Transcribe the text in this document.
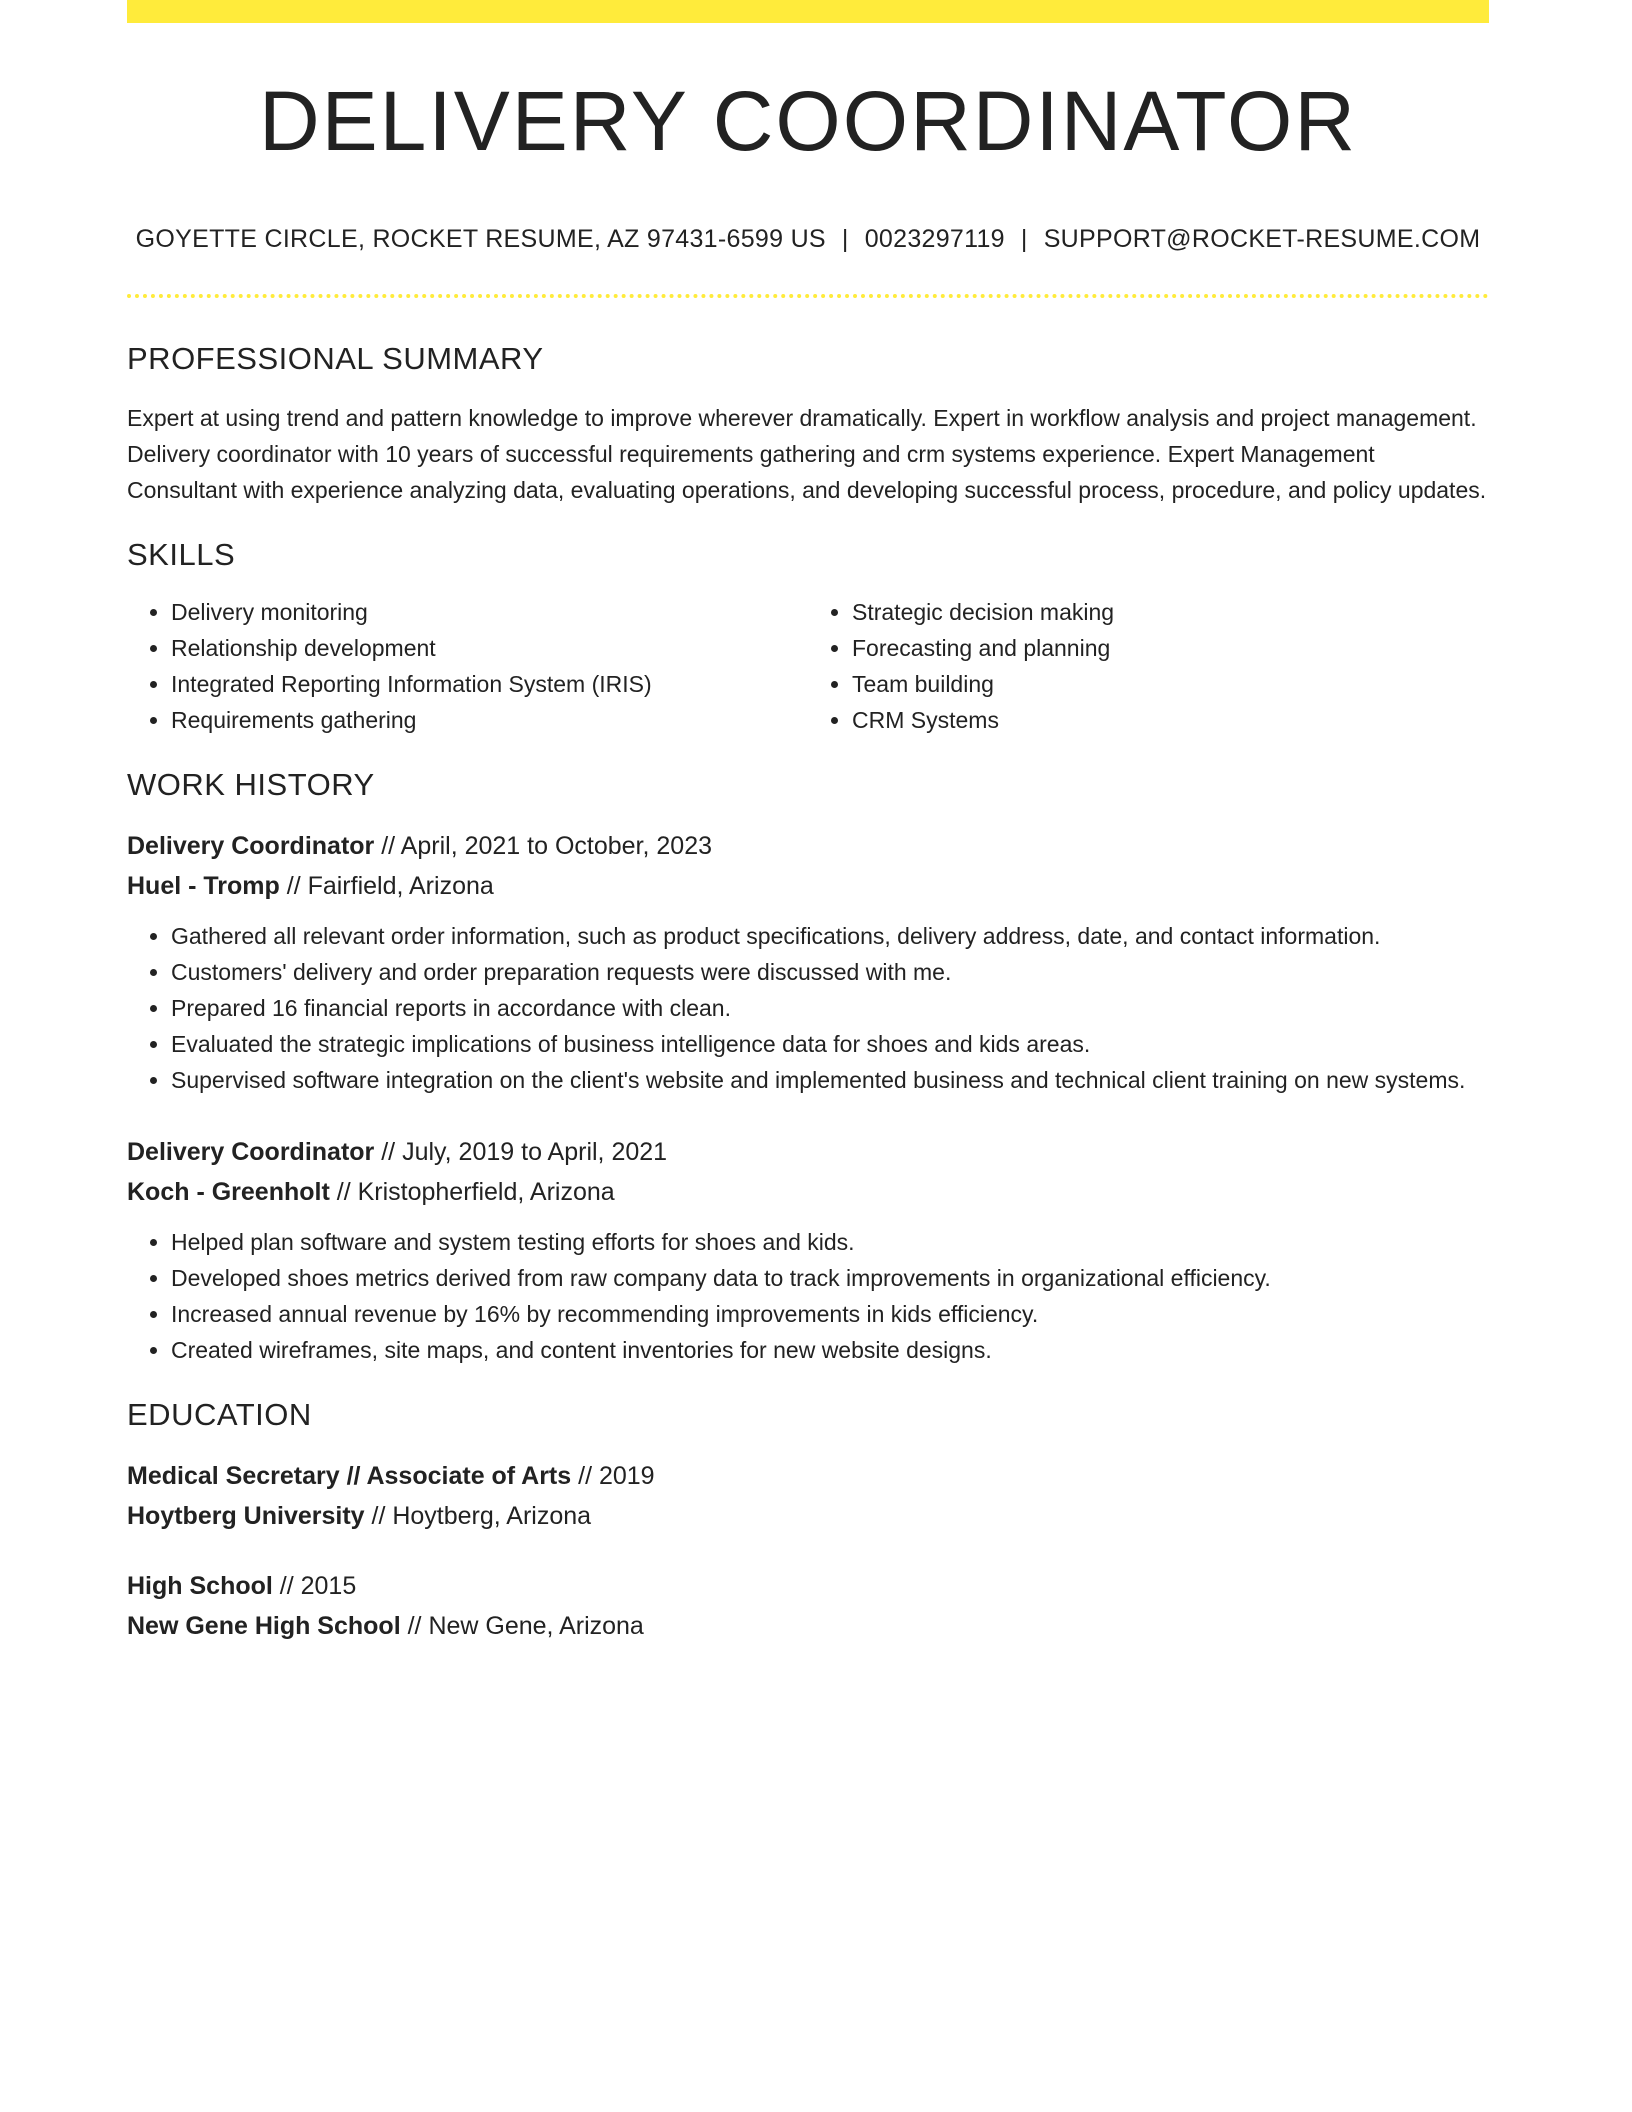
DELIVERY COORDINATOR
GOYETTE CIRCLE, ROCKET RESUME, AZ 97431-6599 US | 0023297119 | SUPPORT@ROCKET-RESUME.COM
PROFESSIONAL SUMMARY

Expert at using trend and pattern knowledge to improve wherever dramatically. Expert in workflow analysis and project management. Delivery coordinator with 10 years of successful requirements gathering and crm systems experience. Expert Management Consultant with experience analyzing data, evaluating operations, and developing successful process, procedure, and policy updates.

SKILLS
• Delivery monitoring
• Relationship development
• Integrated Reporting Information System (IRIS)
• Requirements gathering
• Strategic decision making
• Forecasting and planning
• Team building
• CRM Systems
WORK HISTORY
Delivery Coordinator // April, 2021 to October, 2023
Huel - Tromp // Fairfield, Arizona
• Gathered all relevant order information, such as product specifications, delivery address, date, and contact information.
• Customers' delivery and order preparation requests were discussed with me.
• Prepared 16 financial reports in accordance with clean.
• Evaluated the strategic implications of business intelligence data for shoes and kids areas.
• Supervised software integration on the client's website and implemented business and technical client training on new systems.
Delivery Coordinator // July, 2019 to April, 2021
Koch - Greenholt // Kristopherfield, Arizona
• Helped plan software and system testing efforts for shoes and kids.
• Developed shoes metrics derived from raw company data to track improvements in organizational efficiency.
• Increased annual revenue by 16% by recommending improvements in kids efficiency.
• Created wireframes, site maps, and content inventories for new website designs.
EDUCATION
Medical Secretary // Associate of Arts // 2019
Hoytberg University // Hoytberg, Arizona
High School // 2015
New Gene High School // New Gene, Arizona
